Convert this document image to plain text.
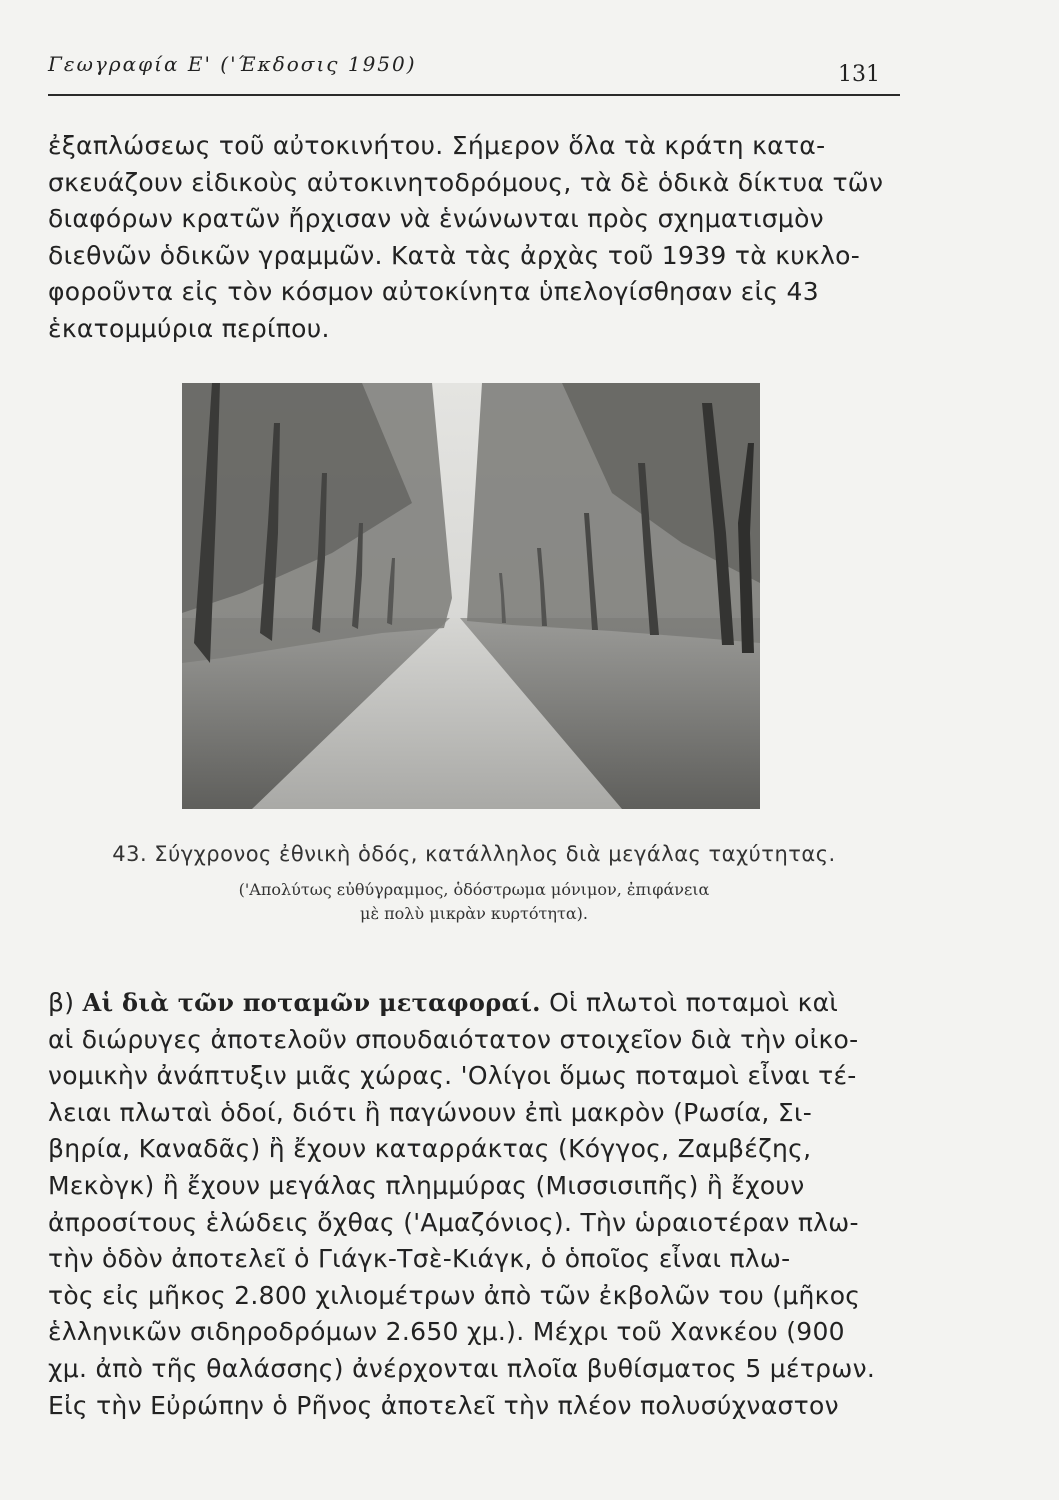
Γεωγραφία Ε' ('Έκδοσις 1950)	131

ἐξαπλώσεως τοῦ αὐτοκινήτου. Σήμερον ὅλα τὰ κράτη κατα-
σκευάζουν εἰδικοὺς αὐτοκινητοδρόμους, τὰ δὲ ὁδικὰ δίκτυα τῶν
διαφόρων κρατῶν ἤρχισαν νὰ ἑνώνωνται πρὸς σχηματισμὸν
διεθνῶν ὁδικῶν γραμμῶν. Κατὰ τὰς ἀρχὰς τοῦ 1939 τὰ κυκλο-
φοροῦντα εἰς τὸν κόσμον αὐτοκίνητα ὑπελογίσθησαν εἰς 43
ἑκατομμύρια περίπου.

43. Σύγχρονος ἐθνικὴ ὁδός, κατάλληλος διὰ μεγάλας ταχύτητας.

('Απολύτως εὐθύγραμμος, ὁδόστρωμα μόνιμον, ἐπιφάνεια

μὲ πολὺ μικρὰν κυρτότητα).

β) Αἱ διὰ τῶν ποταμῶν μεταφοραί. Οἱ πλωτοὶ ποταμοὶ καὶ
αἱ διώρυγες ἀποτελοῦν σπουδαιότατον στοιχεῖον διὰ τὴν οἰκο-
νομικὴν ἀνάπτυξιν μιᾶς χώρας. 'Ολίγοι ὅμως ποταμοὶ εἶναι τέ-
λειαι πλωταὶ ὁδοί, διότι ἢ παγώνουν ἐπὶ μακρὸν (Ρωσία, Σι-
βηρία, Καναδᾶς) ἢ ἔχουν καταρράκτας (Κόγγος, Ζαμβέζης,
Μεκὸγκ) ἢ ἔχουν μεγάλας πλημμύρας (Μισσισιπῆς) ἢ ἔχουν
ἀπροσίτους ἑλώδεις ὄχθας ('Αμαζόνιος). Τὴν ὡραιοτέραν πλω-
τὴν ὁδὸν ἀποτελεῖ ὁ Γιάγκ-Τσὲ-Κιάγκ, ὁ ὁποῖος εἶναι πλω-
τὸς εἰς μῆκος 2.800 χιλιομέτρων ἀπὸ τῶν ἐκβολῶν του (μῆκος
ἑλληνικῶν σιδηροδρόμων 2.650 χμ.). Μέχρι τοῦ Χανκέου (900
χμ. ἀπὸ τῆς θαλάσσης) ἀνέρχονται πλοῖα βυθίσματος 5 μέτρων.
Εἰς τὴν Εὐρώπην ὁ Ρῆνος ἀποτελεῖ τὴν πλέον πολυσύχναστον
